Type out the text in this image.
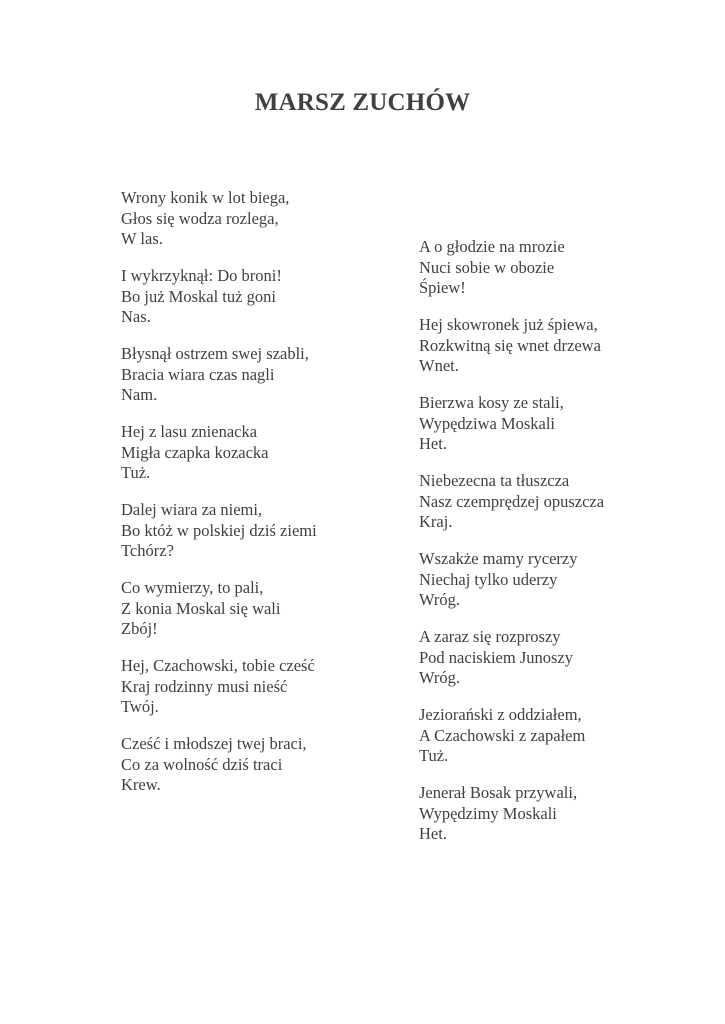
MARSZ ZUCHÓW
Wrony konik w lot biega,
Głos się wodza rozlega,
W las.
I wykrzyknął: Do broni!
Bo już Moskal tuż goni
Nas.
Błysnął ostrzem swej szabli,
Bracia wiara czas nagli
Nam.
Hej z lasu znienacka
Migła czapka kozacka
Tuż.
Dalej wiara za niemi,
Bo któż w polskiej dziś ziemi
Tchórz?
Co wymierzy, to pali,
Z konia Moskal się wali
Zbój!
Hej, Czachowski, tobie cześć
Kraj rodzinny musi nieść
Twój.
Cześć i młodszej twej braci,
Co za wolność dziś traci
Krew.
A o głodzie na mrozie
Nuci sobie w obozie
Śpiew!
Hej skowronek już śpiewa,
Rozkwitną się wnet drzewa
Wnet.
Bierzwa kosy ze stali,
Wypędziwa Moskali
Het.
Niebezecna ta tłuszcza
Nasz czemprędzej opuszcza
Kraj.
Wszakże mamy rycerzy
Niechaj tylko uderzy
Wróg.
A zaraz się rozproszy
Pod naciskiem Junoszy
Wróg.
Jeziorański z oddziałem,
A Czachowski z zapałem
Tuż.
Jenerał Bosak przywali,
Wypędzimy Moskali
Het.
